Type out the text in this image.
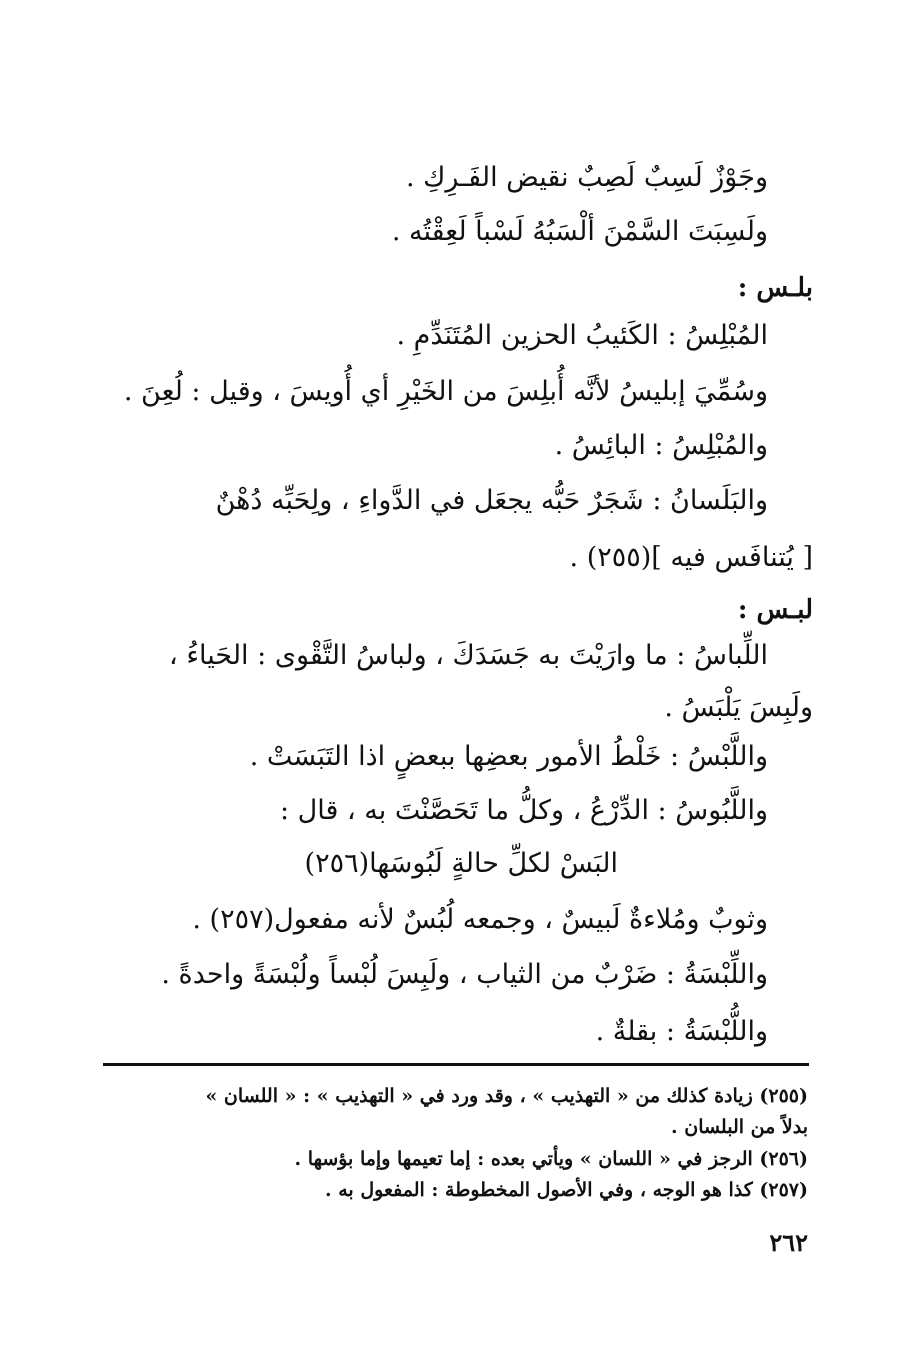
وجَوْزٌ لَسِبٌ لَصِبٌ نقيض الفَـرِكِ .
ولَسِبَتَ السَّمْنَ ألْسَبُهُ لَسْباً لَعِقْتُه .
بلـس :
المُبْلِسُ : الكَئيبُ الحزين المُتَنَدِّمِ .
وسُمِّيَ إبليسُ لأنَّه أُبلِسَ من الخَيْرِ أي أُويسَ ، وقيل : لُعِنَ .
والمُبْلِسُ : البائِسُ .
والبَلَسانُ : شَجَرٌ حَبُّه يجعَل في الدَّواءِ ، ولِحَبِّه دُهْنٌ
[ يُتنافَس فيه ](٢٥٥) .
لبـس :
اللِّباسُ : ما وارَيْتَ به جَسَدَكَ ، ولباسُ التَّقْوى : الحَياءُ ،
ولَبِسَ يَلْبَسُ .
واللَّبْسُ : خَلْطُ الأمور بعضِها ببعضٍ اذا التَبَسَتْ .
واللَّبُوسُ : الدِّرْعُ ، وكلُّ ما تَحَصَّنْتَ به ، قال :
البَسْ لكلِّ حالةٍ لَبُوسَها(٢٥٦)
وثوبٌ ومُلاءةٌ لَبيسٌ ، وجمعه لُبُسٌ لأنه مفعول(٢٥٧) .
واللِّبْسَةُ : ضَرْبٌ من الثياب ، ولَبِسَ لُبْساً ولُبْسَةً واحدةً .
واللُّبْسَةُ : بقلةٌ .
(٢٥٥) زيادة كذلك من « التهذيب » ، وقد ورد في « التهذيب » : « اللسان »
بدلاً من البلسان .
(٢٥٦) الرجز في « اللسان » ويأتي بعده : إما تعيمها وإما بؤسها .
(٢٥٧) كذا هو الوجه ، وفي الأصول المخطوطة : المفعول به .
٢٦٢
